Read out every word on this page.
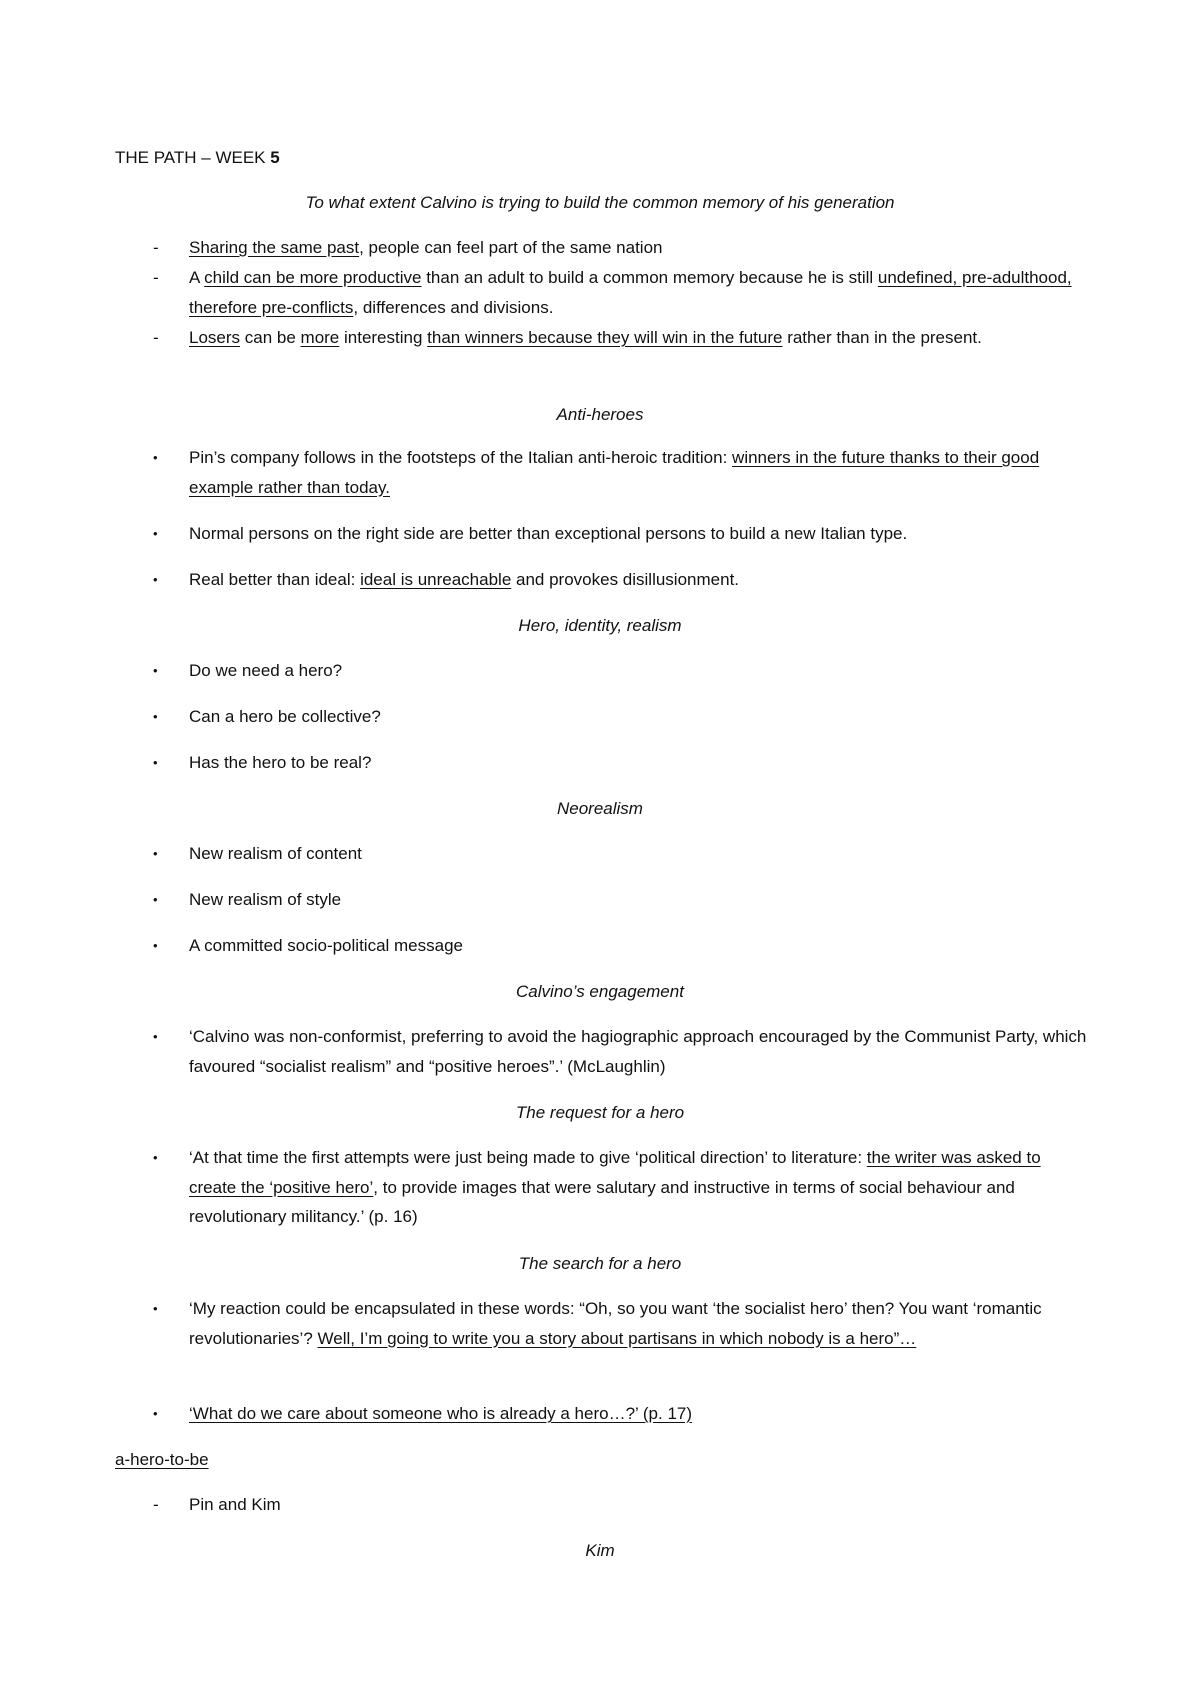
THE PATH – WEEK 5
To what extent Calvino is trying to build the common memory of his generation
-	Sharing the same past, people can feel part of the same nation
-	A child can be more productive than an adult to build a common memory because he is still undefined, pre-adulthood, therefore pre-conflicts, differences and divisions.
-	Losers can be more interesting than winners because they will win in the future rather than in the present.
Anti-heroes
•	Pin’s company follows in the footsteps of the Italian anti-heroic tradition: winners in the future thanks to their good example rather than today.
•	Normal persons on the right side are better than exceptional persons to build a new Italian type.
•	Real better than ideal: ideal is unreachable and provokes disillusionment.
Hero, identity, realism
•	Do we need a hero?
•	Can a hero be collective?
•	Has the hero to be real?
Neorealism
•	New realism of content
•	New realism of style
•	A committed socio-political message
Calvino’s engagement
•	‘Calvino was non-conformist, preferring to avoid the hagiographic approach encouraged by the Communist Party, which favoured “socialist realism” and “positive heroes”.’ (McLaughlin)
The request for a hero
•	‘At that time the first attempts were just being made to give ‘political direction’ to literature: the writer was asked to create the ‘positive hero’, to provide images that were salutary and instructive in terms of social behaviour and revolutionary militancy.’ (p. 16)
The search for a hero
•	‘My reaction could be encapsulated in these words: “Oh, so you want ‘the socialist hero’ then? You want ‘romantic revolutionaries’? Well, I’m going to write you a story about partisans in which nobody is a hero”…
•	‘What do we care about someone who is already a hero…?’ (p. 17)
a-hero-to-be
-	Pin and Kim
Kim
